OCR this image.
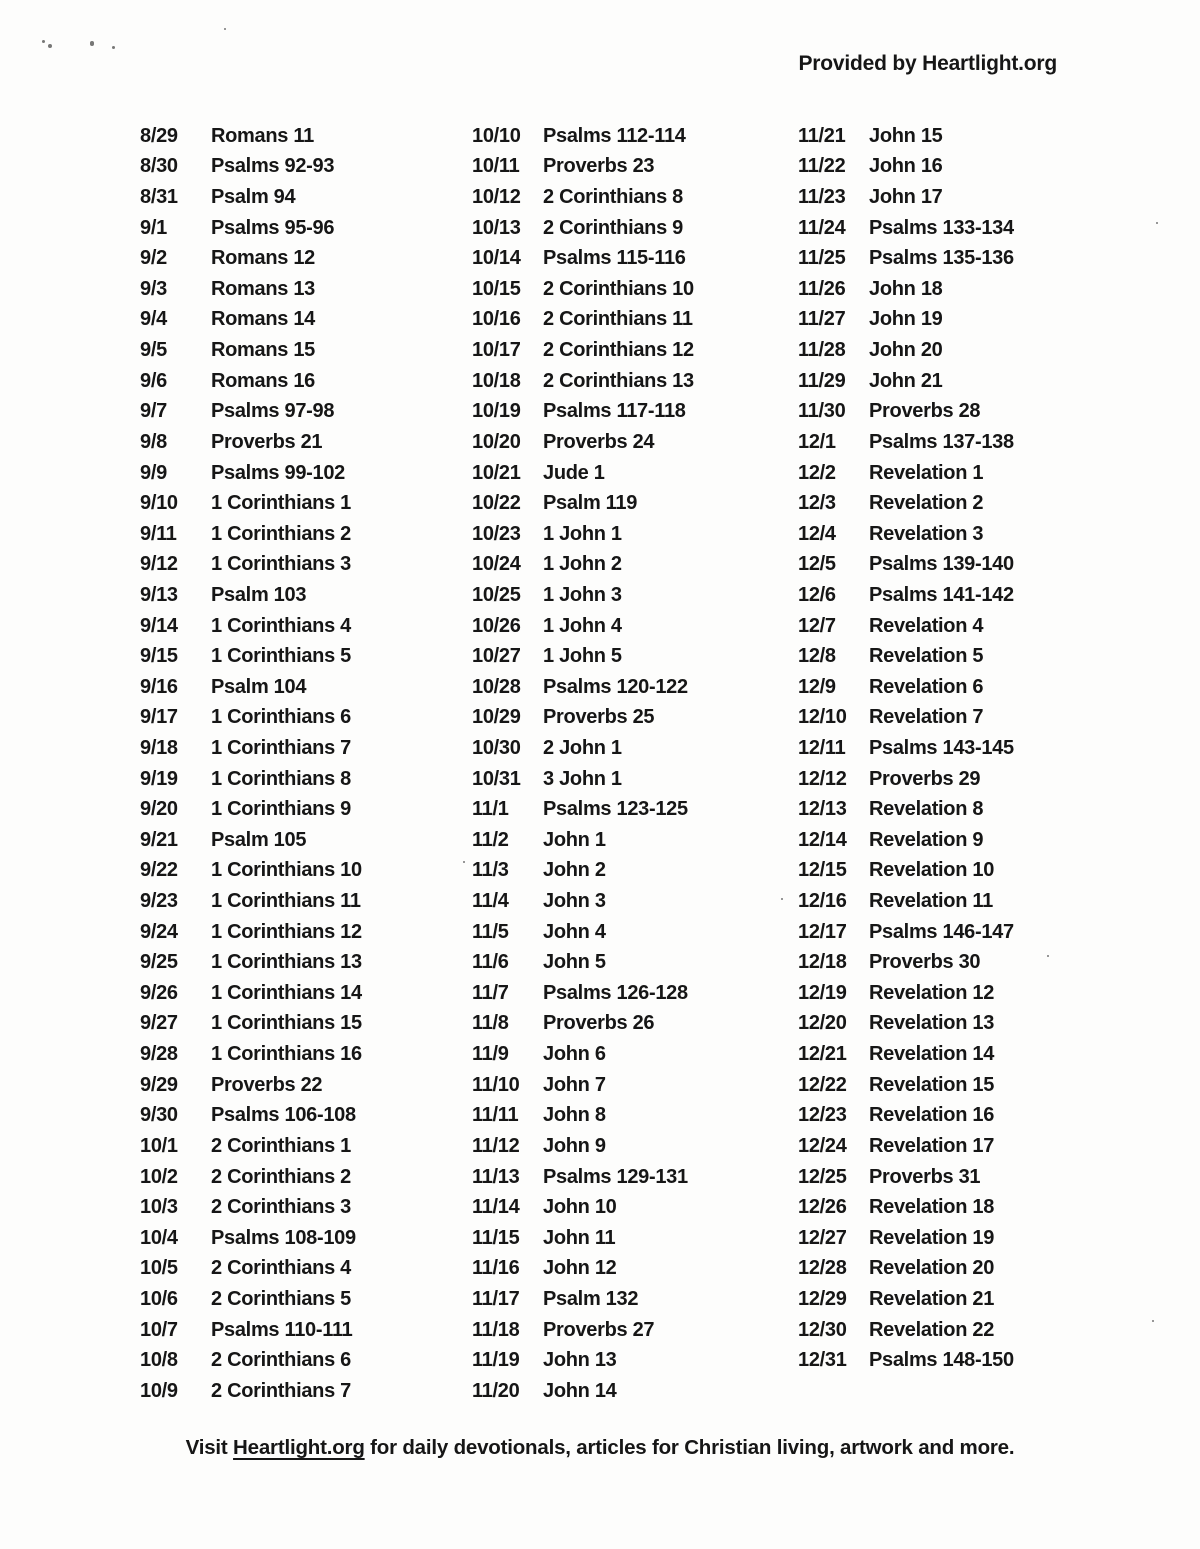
Provided by Heartlight.org
8/29	Romans 11
8/30	Psalms 92-93
8/31	Psalm 94
9/1	Psalms 95-96
9/2	Romans 12
9/3	Romans 13
9/4	Romans 14
9/5	Romans 15
9/6	Romans 16
9/7	Psalms 97-98
9/8	Proverbs 21
9/9	Psalms 99-102
9/10	1 Corinthians 1
9/11	1 Corinthians 2
9/12	1 Corinthians 3
9/13	Psalm 103
9/14	1 Corinthians 4
9/15	1 Corinthians 5
9/16	Psalm 104
9/17	1 Corinthians 6
9/18	1 Corinthians 7
9/19	1 Corinthians 8
9/20	1 Corinthians 9
9/21	Psalm 105
9/22	1 Corinthians 10
9/23	1 Corinthians 11
9/24	1 Corinthians 12
9/25	1 Corinthians 13
9/26	1 Corinthians 14
9/27	1 Corinthians 15
9/28	1 Corinthians 16
9/29	Proverbs 22
9/30	Psalms 106-108
10/1	2 Corinthians 1
10/2	2 Corinthians 2
10/3	2 Corinthians 3
10/4	Psalms 108-109
10/5	2 Corinthians 4
10/6	2 Corinthians 5
10/7	Psalms 110-111
10/8	2 Corinthians 6
10/9	2 Corinthians 7
10/10	Psalms 112-114
10/11	Proverbs 23
10/12	2 Corinthians 8
10/13	2 Corinthians 9
10/14	Psalms 115-116
10/15	2 Corinthians 10
10/16	2 Corinthians 11
10/17	2 Corinthians 12
10/18	2 Corinthians 13
10/19	Psalms 117-118
10/20	Proverbs 24
10/21	Jude 1
10/22	Psalm 119
10/23	1 John 1
10/24	1 John 2
10/25	1 John 3
10/26	1 John 4
10/27	1 John 5
10/28	Psalms 120-122
10/29	Proverbs 25
10/30	2 John 1
10/31	3 John 1
11/1	Psalms 123-125
11/2	John 1
11/3	John 2
11/4	John 3
11/5	John 4
11/6	John 5
11/7	Psalms 126-128
11/8	Proverbs 26
11/9	John 6
11/10	John 7
11/11	John 8
11/12	John 9
11/13	Psalms 129-131
11/14	John 10
11/15	John 11
11/16	John 12
11/17	Psalm 132
11/18	Proverbs 27
11/19	John 13
11/20	John 14
11/21	John 15
11/22	John 16
11/23	John 17
11/24	Psalms 133-134
11/25	Psalms 135-136
11/26	John 18
11/27	John 19
11/28	John 20
11/29	John 21
11/30	Proverbs 28
12/1	Psalms 137-138
12/2	Revelation 1
12/3	Revelation 2
12/4	Revelation 3
12/5	Psalms 139-140
12/6	Psalms 141-142
12/7	Revelation 4
12/8	Revelation 5
12/9	Revelation 6
12/10	Revelation 7
12/11	Psalms 143-145
12/12	Proverbs 29
12/13	Revelation 8
12/14	Revelation 9
12/15	Revelation 10
12/16	Revelation 11
12/17	Psalms 146-147
12/18	Proverbs 30
12/19	Revelation 12
12/20	Revelation 13
12/21	Revelation 14
12/22	Revelation 15
12/23	Revelation 16
12/24	Revelation 17
12/25	Proverbs 31
12/26	Revelation 18
12/27	Revelation 19
12/28	Revelation 20
12/29	Revelation 21
12/30	Revelation 22
12/31	Psalms 148-150
Visit Heartlight.org for daily devotionals, articles for Christian living, artwork and more.
